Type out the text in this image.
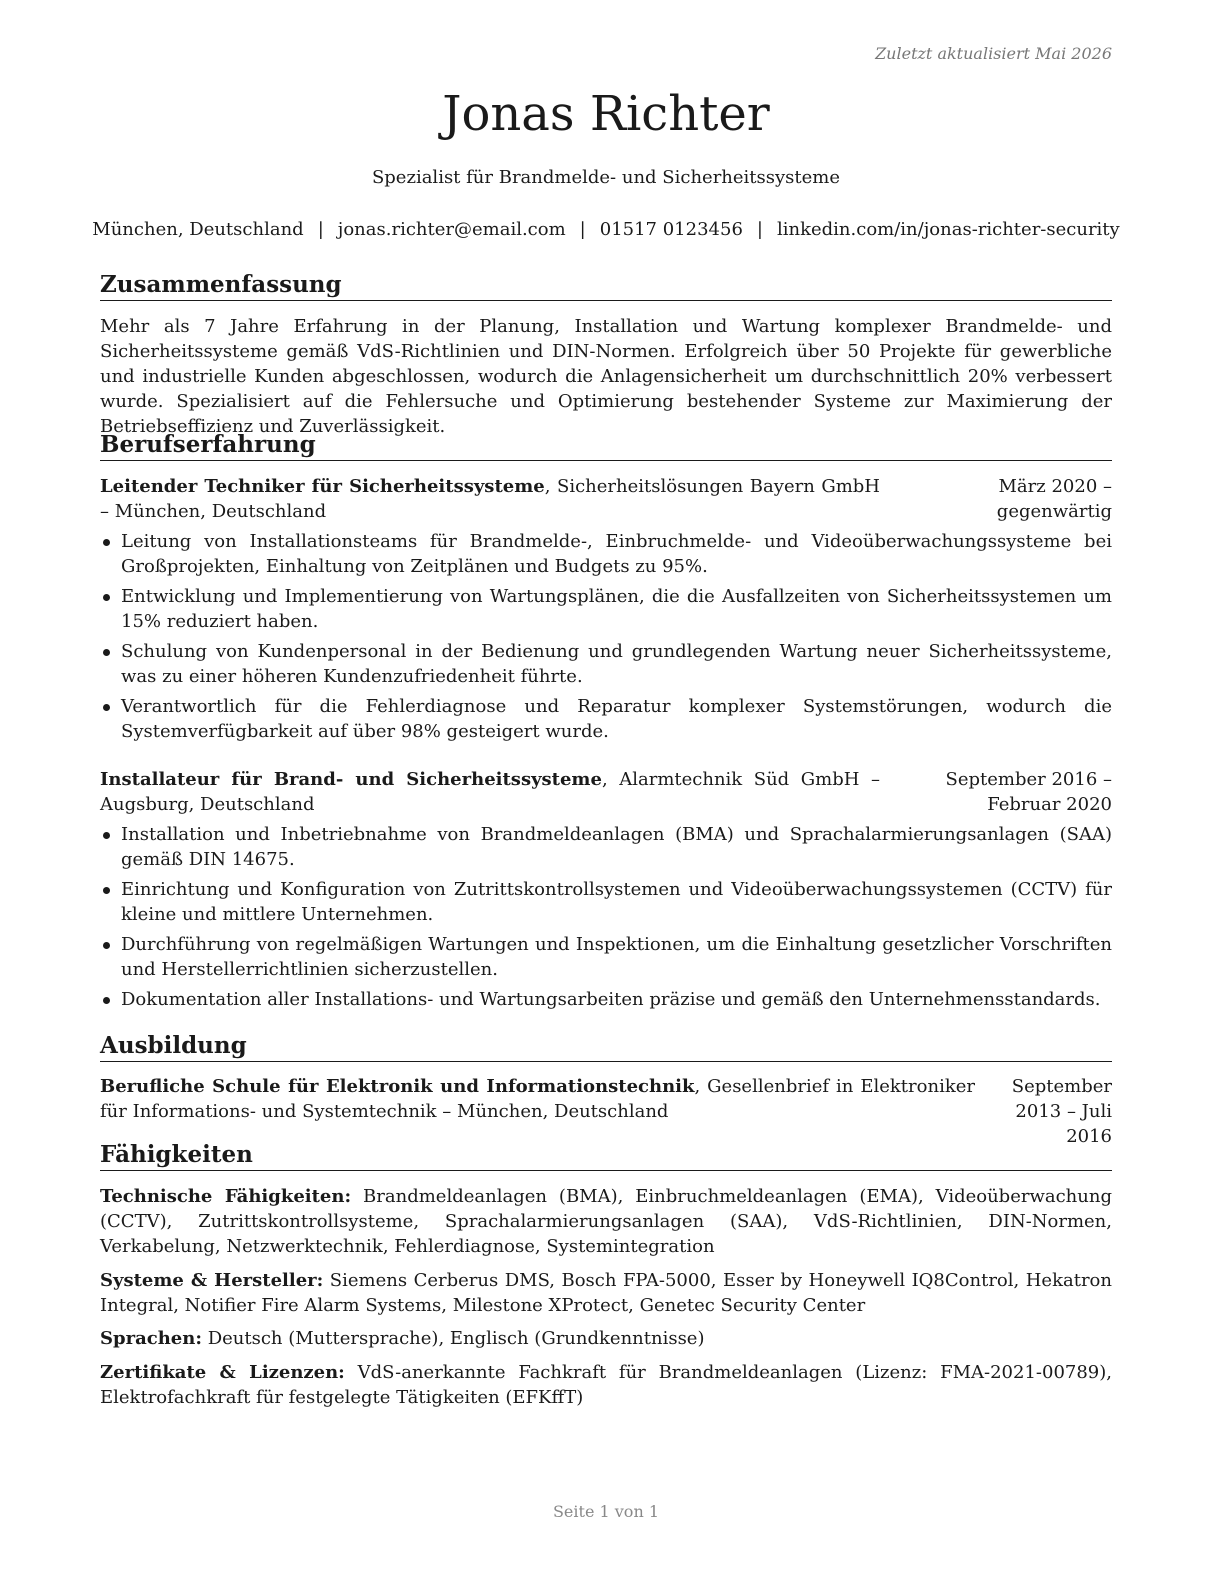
Zuletzt aktualisiert Mai 2026
Jonas Richter
Spezialist für Brandmelde- und Sicherheitssysteme
München, Deutschland | jonas.richter@email.com | 01517 0123456 | linkedin.com/in/jonas-richter-security
Zusammenfassung
Mehr als 7 Jahre Erfahrung in der Planung, Installation und Wartung komplexer Brandmelde- und Sicherheitssysteme gemäß VdS-Richtlinien und DIN-Normen. Erfolgreich über 50 Projekte für gewerbliche und industrielle Kunden abgeschlossen, wodurch die Anlagensicherheit um durchschnittlich 20% verbessert wurde. Spezialisiert auf die Fehlersuche und Optimierung bestehender Systeme zur Maximierung der Betriebseffizienz und Zuverlässigkeit.
Berufserfahrung
Leitender Techniker für Sicherheitssysteme, Sicherheitslösungen Bayern GmbH – München, Deutschland
März 2020 – gegenwärtig
Leitung von Installationsteams für Brandmelde-, Einbruchmelde- und Videoüberwachungssysteme bei Großprojekten, Einhaltung von Zeitplänen und Budgets zu 95%.
Entwicklung und Implementierung von Wartungsplänen, die die Ausfallzeiten von Sicherheitssystemen um 15% reduziert haben.
Schulung von Kundenpersonal in der Bedienung und grundlegenden Wartung neuer Sicherheitssysteme, was zu einer höheren Kundenzufriedenheit führte.
Verantwortlich für die Fehlerdiagnose und Reparatur komplexer Systemstörungen, wodurch die Systemverfügbarkeit auf über 98% gesteigert wurde.
Installateur für Brand- und Sicherheitssysteme, Alarmtechnik Süd GmbH – Augsburg, Deutschland
September 2016 – Februar 2020
Installation und Inbetriebnahme von Brandmeldeanlagen (BMA) und Sprachalarmierungsanlagen (SAA) gemäß DIN 14675.
Einrichtung und Konfiguration von Zutrittskontrollsystemen und Videoüberwachungssystemen (CCTV) für kleine und mittlere Unternehmen.
Durchführung von regelmäßigen Wartungen und Inspektionen, um die Einhaltung gesetzlicher Vorschriften und Herstellerrichtlinien sicherzustellen.
Dokumentation aller Installations- und Wartungsarbeiten präzise und gemäß den Unternehmensstandards.
Ausbildung
Berufliche Schule für Elektronik und Informationstechnik, Gesellenbrief in Elektroniker für Informations- und Systemtechnik – München, Deutschland
September 2013 – Juli 2016
Fähigkeiten
Technische Fähigkeiten: Brandmeldeanlagen (BMA), Einbruchmeldeanlagen (EMA), Videoüberwachung (CCTV), Zutrittskontrollsysteme, Sprachalarmierungsanlagen (SAA), VdS-Richtlinien, DIN-Normen, Verkabelung, Netzwerktechnik, Fehlerdiagnose, Systemintegration
Systeme & Hersteller: Siemens Cerberus DMS, Bosch FPA-5000, Esser by Honeywell IQ8Control, Hekatron Integral, Notifier Fire Alarm Systems, Milestone XProtect, Genetec Security Center
Sprachen: Deutsch (Muttersprache), Englisch (Grundkenntnisse)
Zertifikate & Lizenzen: VdS-anerkannte Fachkraft für Brandmeldeanlagen (Lizenz: FMA-2021-00789), Elektrofachkraft für festgelegte Tätigkeiten (EFKffT)
Seite 1 von 1
